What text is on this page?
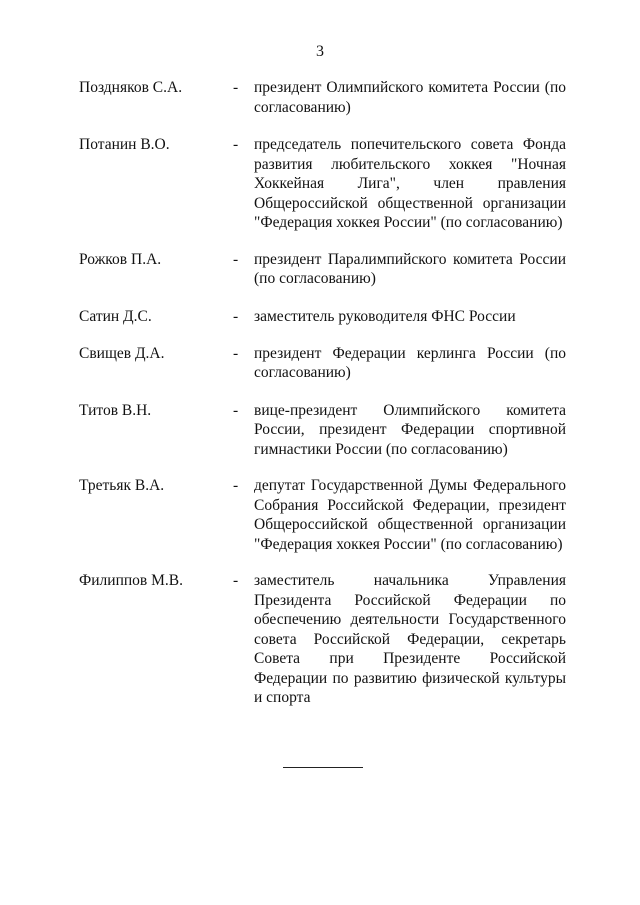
3
Поздняков С.А.	- президент Олимпийского комитета России (по согласованию)
Потанин В.О.	- председатель попечительского совета Фонда развития любительского хоккея "Ночная Хоккейная Лига", член правления Общероссийской общественной организации "Федерация хоккея России" (по согласованию)
Рожков П.А.	- президент Паралимпийского комитета России (по согласованию)
Сатин Д.С.	- заместитель руководителя ФНС России
Свищев Д.А.	- президент Федерации керлинга России (по согласованию)
Титов В.Н.	- вице-президент Олимпийского комитета России, президент Федерации спортивной гимнастики России (по согласованию)
Третьяк В.А.	- депутат Государственной Думы Федерального Собрания Российской Федерации, президент Общероссийской общественной организации "Федерация хоккея России" (по согласованию)
Филиппов М.В.	- заместитель начальника Управления Президента Российской Федерации по обеспечению деятельности Государственного совета Российской Федерации, секретарь Совета при Президенте Российской Федерации по развитию физической культуры и спорта
